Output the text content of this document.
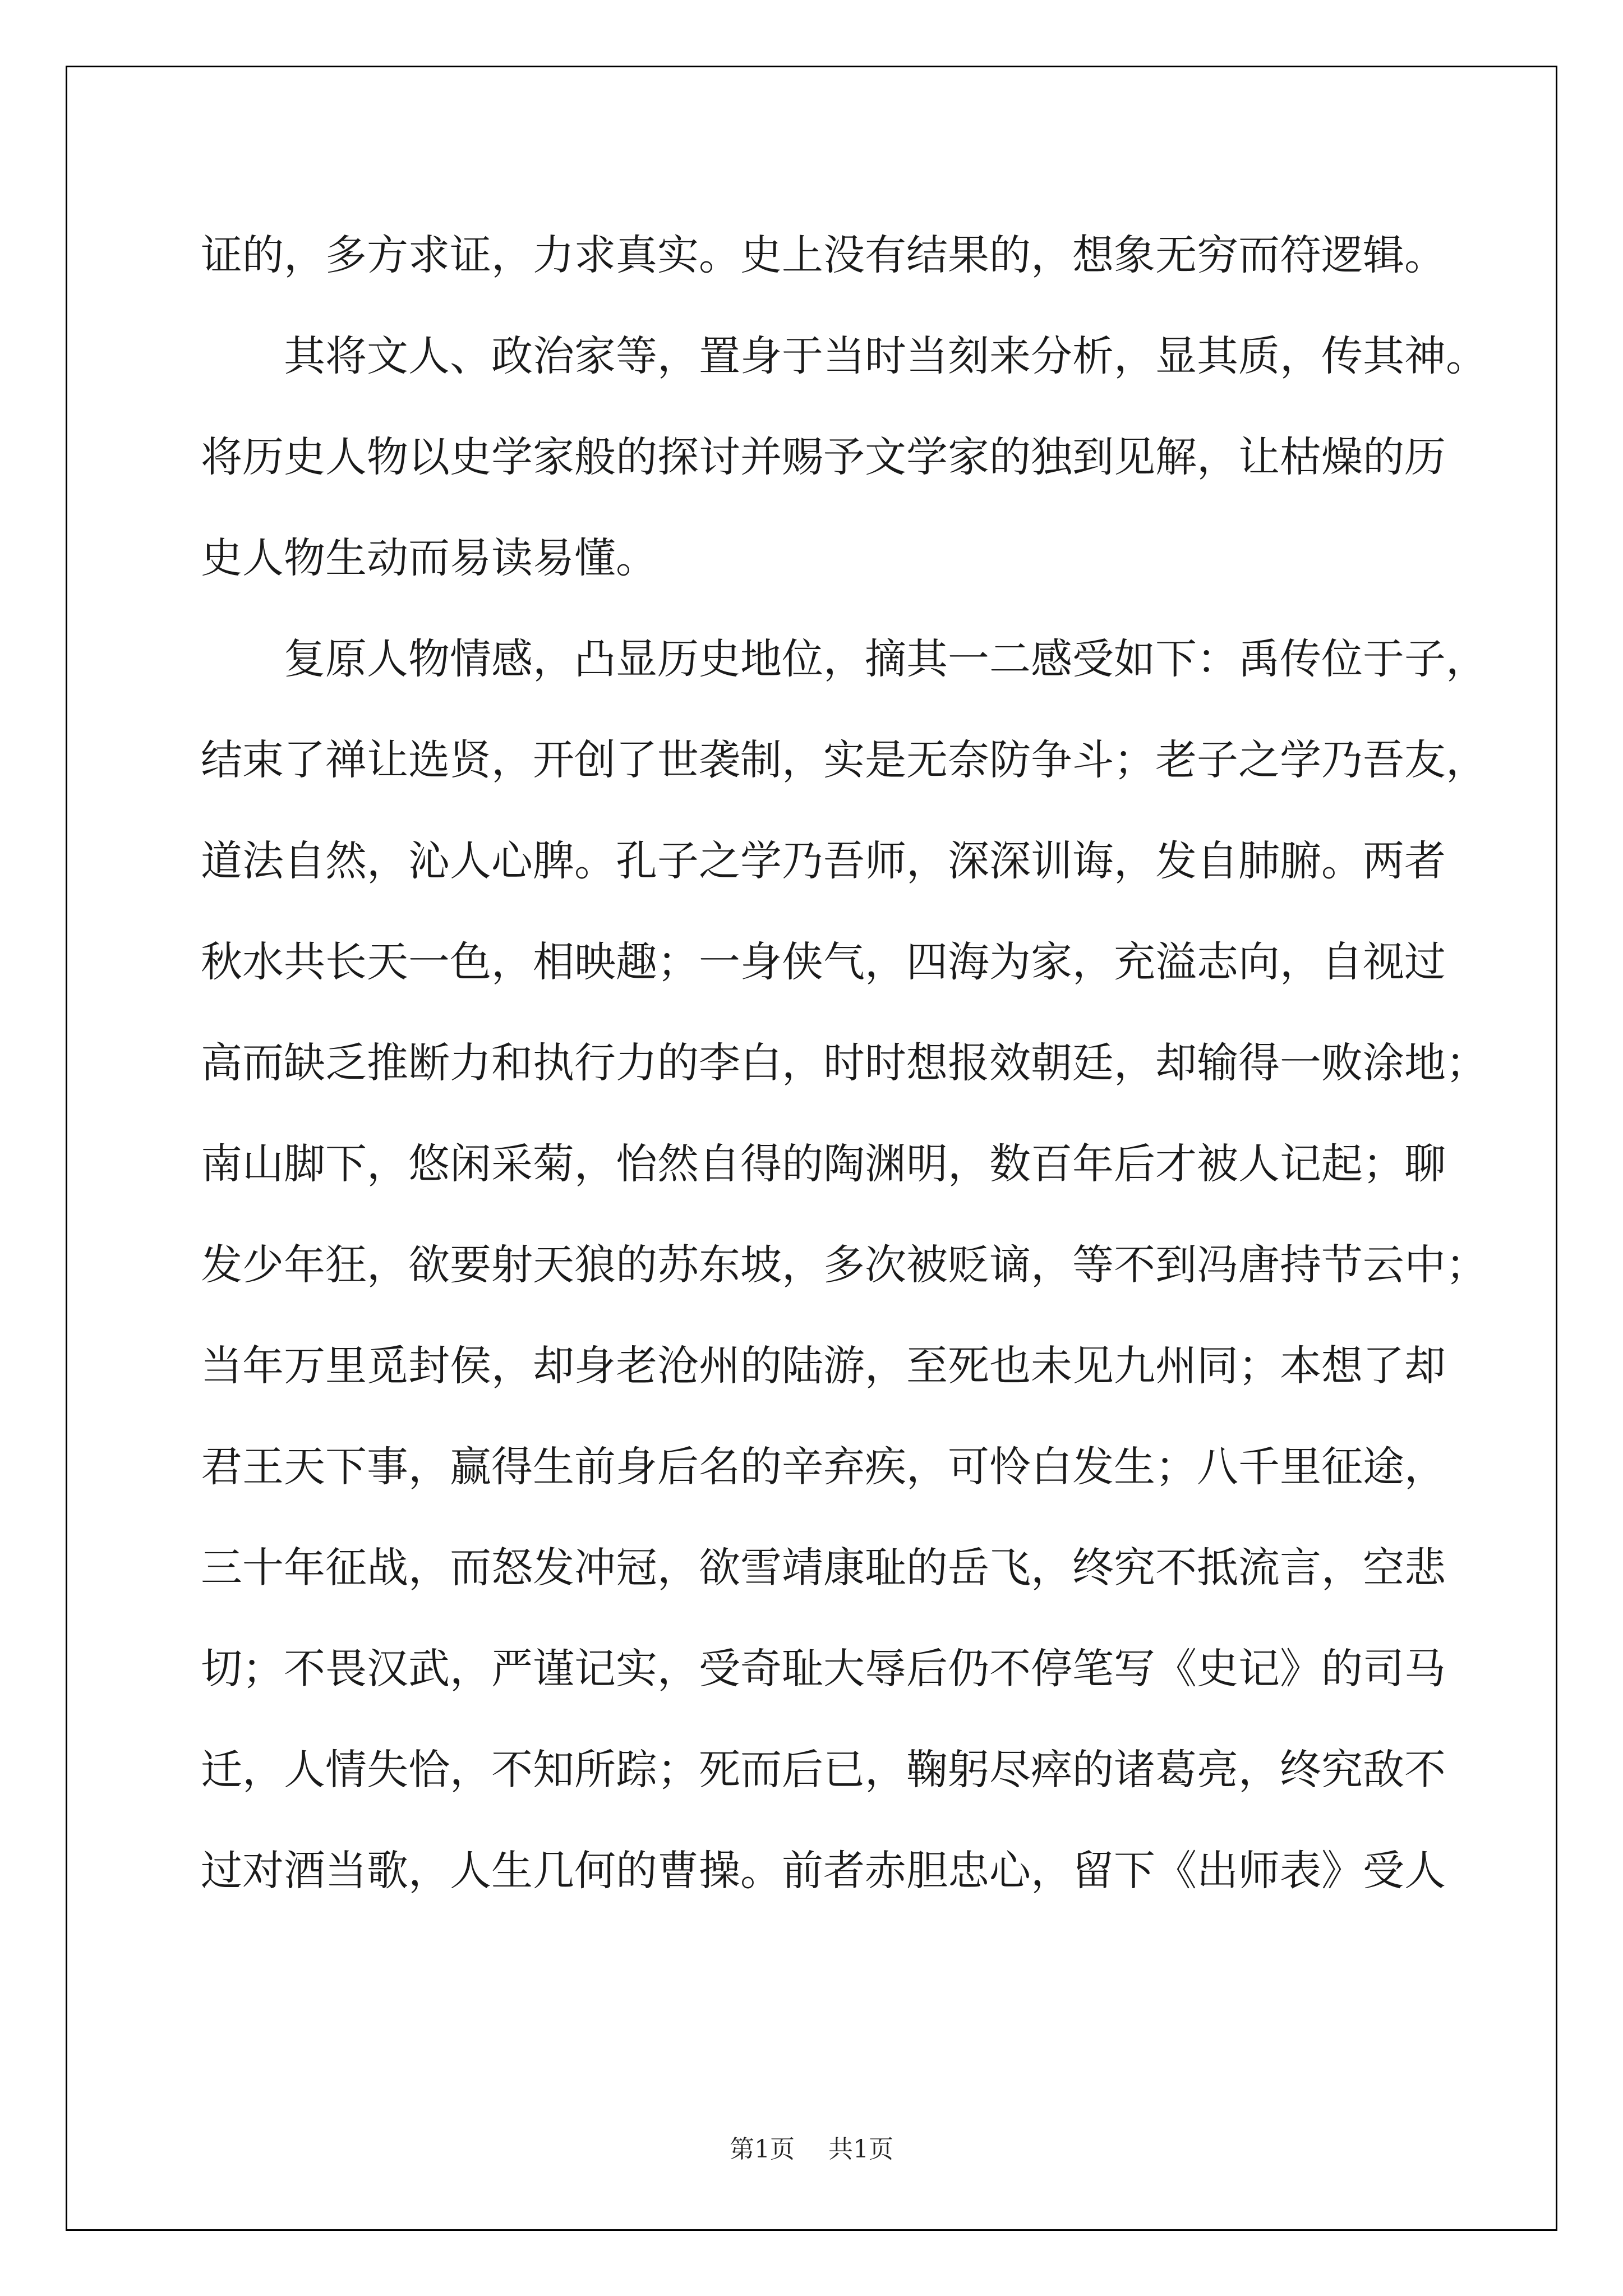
证的，多方求证，力求真实。史上没有结果的，想象无穷而符逻辑。
其将文人、政治家等，置身于当时当刻来分析，显其质，传其神。
将历史人物以史学家般的探讨并赐予文学家的独到见解，让枯燥的历
史人物生动而易读易懂。
复原人物情感，凸显历史地位，摘其一二感受如下：禹传位于子，
结束了禅让选贤，开创了世袭制，实是无奈防争斗；老子之学乃吾友，
道法自然，沁人心脾。孔子之学乃吾师，深深训诲，发自肺腑。两者
秋水共长天一色，相映趣；一身侠气，四海为家，充溢志向，自视过
高而缺乏推断力和执行力的李白，时时想报效朝廷，却输得一败涂地；
南山脚下，悠闲采菊，怡然自得的陶渊明，数百年后才被人记起；聊
发少年狂，欲要射天狼的苏东坡，多次被贬谪，等不到冯唐持节云中；
当年万里觅封侯，却身老沧州的陆游，至死也未见九州同；本想了却
君王天下事，赢得生前身后名的辛弃疾，可怜白发生；八千里征途，
三十年征战，而怒发冲冠，欲雪靖康耻的岳飞，终究不抵流言，空悲
切；不畏汉武，严谨记实，受奇耻大辱后仍不停笔写《史记》的司马
迁，人情失恰，不知所踪；死而后已，鞠躬尽瘁的诸葛亮，终究敌不
过对酒当歌，人生几何的曹操。前者赤胆忠心，留下《出师表》受人
第1页 共1页
